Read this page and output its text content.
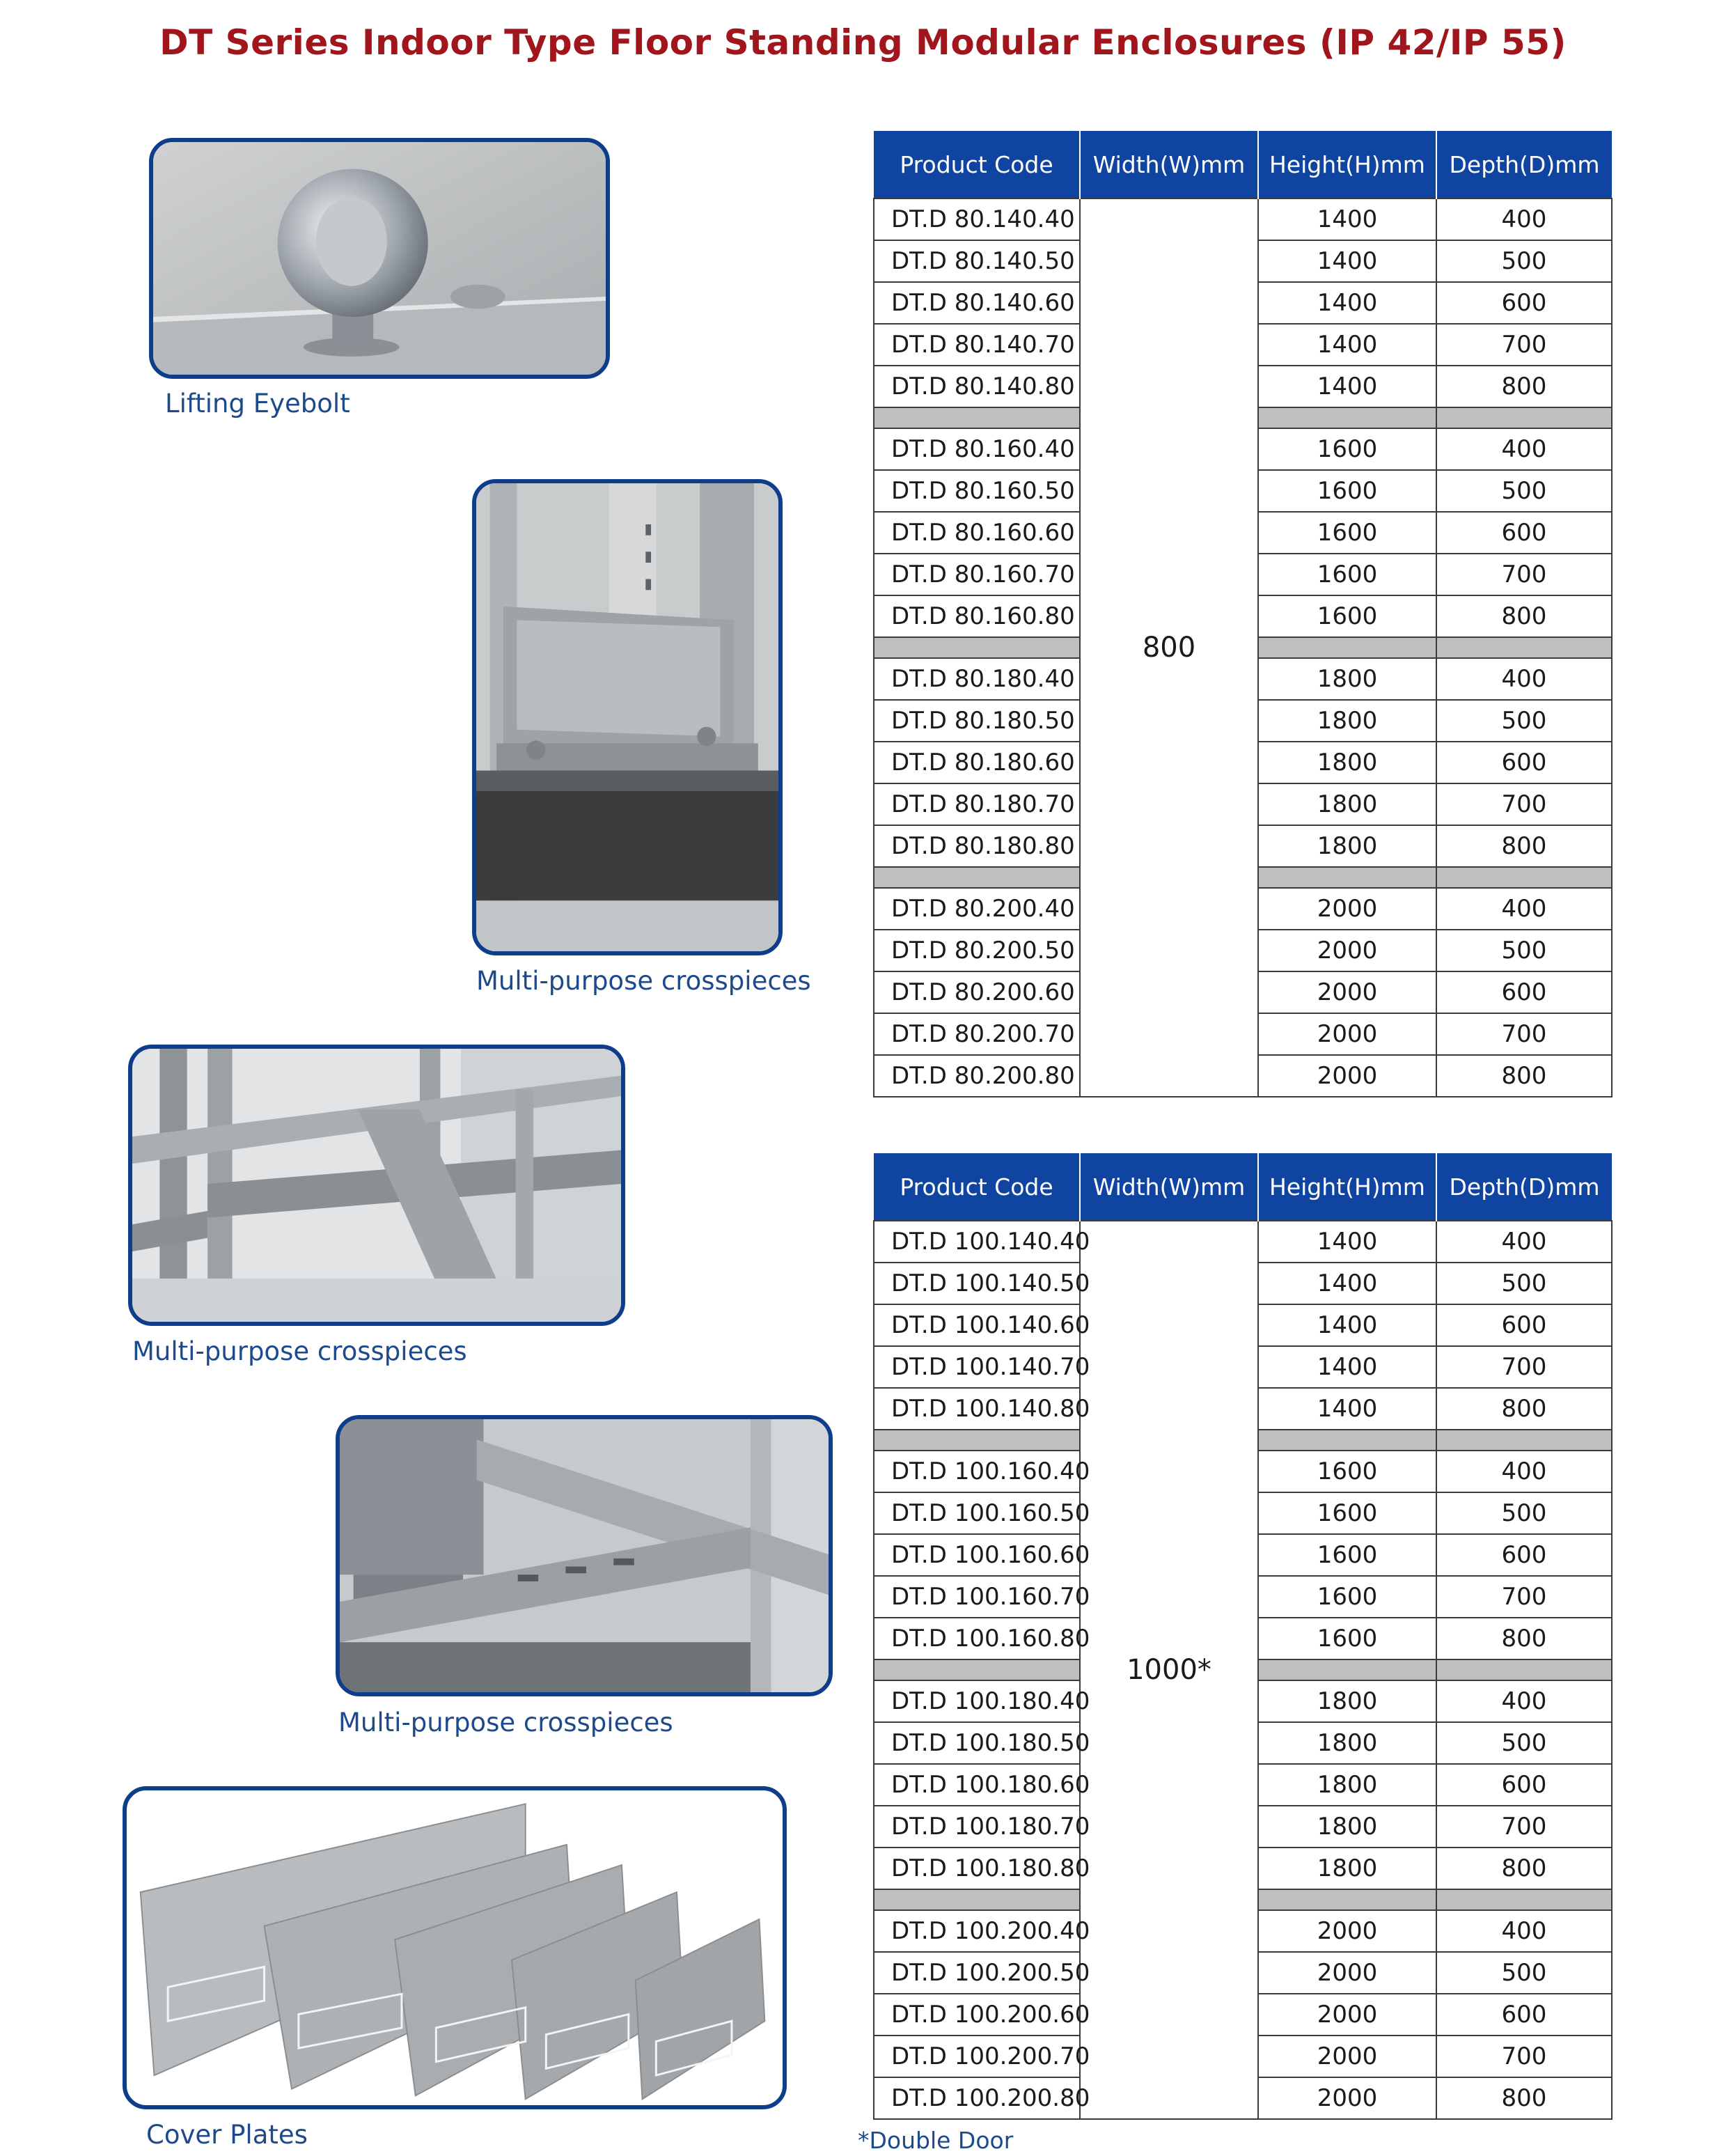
DT Series Indoor Type Floor Standing Modular Enclosures (IP 42/IP 55)
Lifting Eyebolt
Multi-purpose crosspieces
Multi-purpose crosspieces
Multi-purpose crosspieces
Cover Plates
Product Code	Width(W)mm	Height(H)mm	Depth(D)mm
DT.D 80.140.40	800	1400	400
DT.D 80.140.50		1400	500
DT.D 80.140.60		1400	600
DT.D 80.140.70		1400	700
DT.D 80.140.80		1400	800

DT.D 80.160.40		1600	400
DT.D 80.160.50		1600	500
DT.D 80.160.60		1600	600
DT.D 80.160.70		1600	700
DT.D 80.160.80		1600	800

DT.D 80.180.40		1800	400
DT.D 80.180.50		1800	500
DT.D 80.180.60		1800	600
DT.D 80.180.70		1800	700
DT.D 80.180.80		1800	800

DT.D 80.200.40		2000	400
DT.D 80.200.50		2000	500
DT.D 80.200.60		2000	600
DT.D 80.200.70		2000	700
DT.D 80.200.80		2000	800
Product Code	Width(W)mm	Height(H)mm	Depth(D)mm
DT.D 100.140.40	1000*	1400	400
DT.D 100.140.50		1400	500
DT.D 100.140.60		1400	600
DT.D 100.140.70		1400	700
DT.D 100.140.80		1400	800

DT.D 100.160.40		1600	400
DT.D 100.160.50		1600	500
DT.D 100.160.60		1600	600
DT.D 100.160.70		1600	700
DT.D 100.160.80		1600	800

DT.D 100.180.40		1800	400
DT.D 100.180.50		1800	500
DT.D 100.180.60		1800	600
DT.D 100.180.70		1800	700
DT.D 100.180.80		1800	800

DT.D 100.200.40		2000	400
DT.D 100.200.50		2000	500
DT.D 100.200.60		2000	600
DT.D 100.200.70		2000	700
DT.D 100.200.80		2000	800
*Double Door
